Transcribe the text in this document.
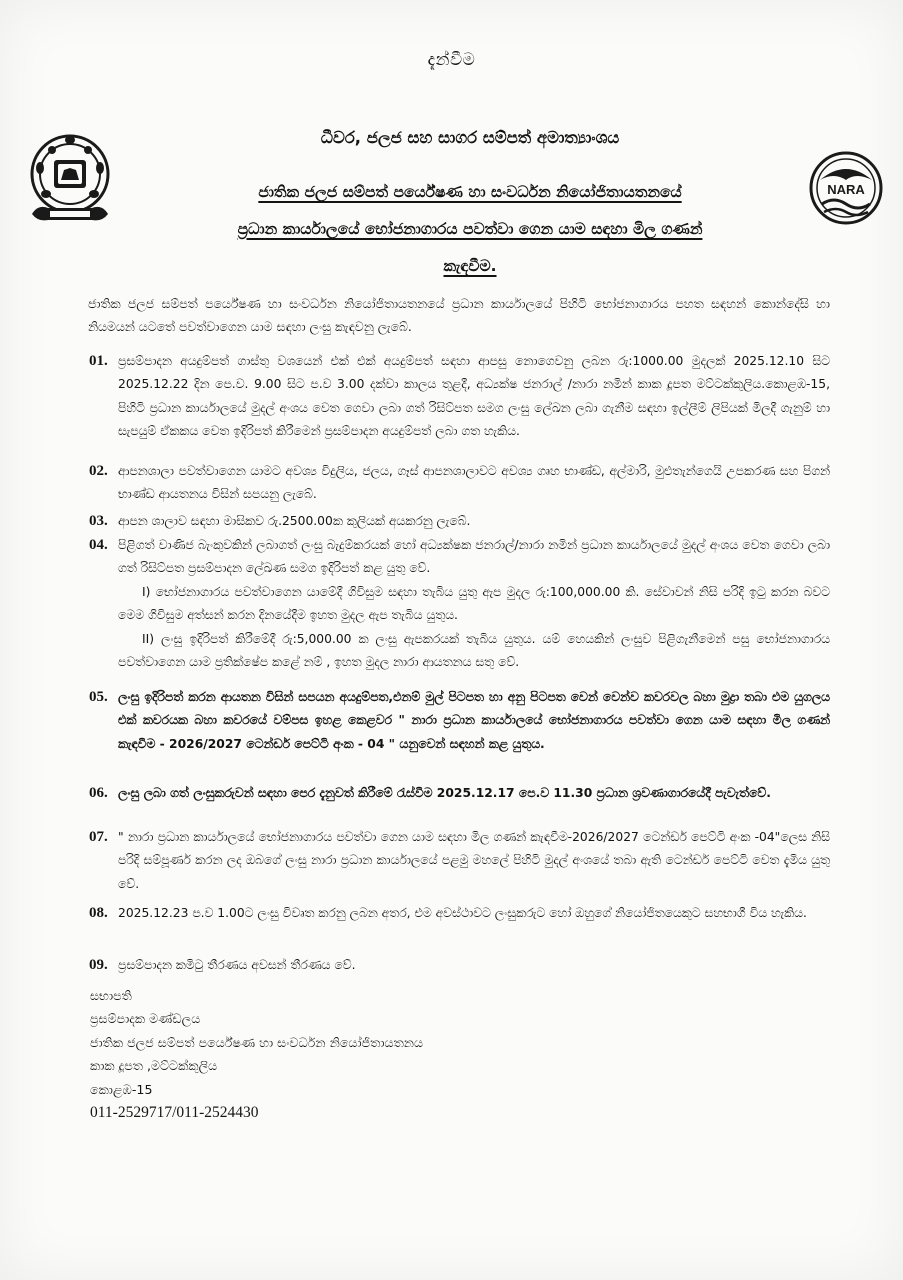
දැන්වීම
NARA
ධීවර, ජලජ සහ සාගර සම්පත් අමාත්‍යාංශය
ජාතික ජලජ සම්පත් පර්යේෂණ හා සංවර්ධන නියෝජිතායතනයේ
ප්‍රධාන කාර්යාලයේ භෝජනාගාරය පවත්වා ගෙන යාම සඳහා මිල ගණන්
කැඳවීම.
ජාතික ජලජ සම්පත් පර්යේෂණ හා සංවර්ධන නියෝජිතායතනයේ ප්‍රධාන කාර්යාලයේ පිහිටි භෝජනාගාරය පහත සඳහන් කොන්දේසි හා නියමයන් යටතේ පවත්වාගෙන යාම සඳහා ලංසු කැඳවනු ලැබේ.
01. ප්‍රසම්පාදන අයදුම්පත් ගාස්තු වශයෙන් එක් එක් අයදුම්පත් සඳහා ආපසු නොගෙවනු ලබන රු:1000.00 මුදලක් 2025.12.10 සිට 2025.12.22 දින පෙ.ව. 9.00 සිට ප.ව 3.00 දක්වා කාලය තුළදී, අධ්‍යක්ෂ ජනරාල් /නාරා නමින් කාක දූපත මට්ටක්කුලිය.කොළඹ-15, පිහිටි ප්‍රධාන කාර්යාලයේ මුදල් අංශය වෙත ගෙවා ලබා ගත් රිසිට්පත සමග ලංසු ලේඛන ලබා ගැනීම සඳහා ඉල්ලීම් ලිපියක් මිලදී ගැනුම් හා සැපයුම් ඒකකය වෙත ඉදිරිපත් කිරීමෙන් ප්‍රසම්පාදන අයදුම්පත් ලබා ගත හැකිය.
02. ආපනශාලා පවත්වාගෙන යාමට අවශ්‍ය විදුලිය, ජලය, ගෑස් ආපනශාලාවට අවශ්‍ය ගෘහ භාණ්ඩ, අල්මාරි, මුළුතැන්ගෙයි උපකරණ සහ පිගන් භාණ්ඩ ආයතනය විසින් සපයනු ලැබේ.
03. ආපන ශාලාව සඳහා මාසිකව රු.2500.00ක කුලියක් අයකරනු ලැබේ.
04. පිළිගත් වාණිජ බැංකුවකින් ලබාගත් ලංසු බැදුම්කරයක් හෝ අධ්‍යක්ෂක ජනරාල්/නාරා නමින් ප්‍රධාන කාර්යාලයේ මුදල් අංශය වෙත ගෙවා ලබා ගත් රිසිට්පත ප්‍රසම්පාදන ලේඛණ සමග ඉදිරිපත් කළ යුතු වේ.
I) භෝජනාගාරය පවත්වාගෙන යාමේදී ගිවිසුම සඳහා තැබිය යුතු ඇප මුදල රු:100,000.00 කි. සේවාවන් නිසි පරිදි ඉටු කරන බවට මෙම ගිවිසුම අත්සන් කරන දිනයේදීම ඉහත මුදල ඇප තැබිය යුතුය.
II) ලංසු ඉදිරිපත් කිරීමේදී රු:5,000.00 ක ලංසු ඇපකරයක් තැබිය යුතුය. යම් හෙයකින් ලංසුව පිළිගැනීමෙන් පසු භෝජනාගාරය පවත්වාගෙන යාම ප්‍රතික්ෂේප කළේ නම් , ඉහත මුදල නාරා ආයතනය සතු වේ.
05. ලංසු ඉදිරිපත් කරන ආයතන විසින් සපයන අයදුම්පත,එනම් මුල් පිටපත හා අනු පිටපත වෙන් වෙන්ව කවරවල බහා මුද්‍රා තබා එම යුගලය එක් කවරයක බහා කවරයේ වම්පස ඉහළ කෙළවර " නාරා ප්‍රධාන කාර්යාලයේ භෝජනාගාරය පවත්වා ගෙන යාම සඳහා මිල ගණන් කැඳවීම - 2026/2027 ටෙන්ඩර් පෙට්ටි අංක - 04 " යනුවෙන් සඳහන් කළ යුතුය.
06. ලංසු ලබා ගත් ලංසුකරුවන් සඳහා පෙර දැනුවත් කිරීමේ රැස්වීම 2025.12.17 පෙ.ව 11.30 ප්‍රධාන ශ්‍රවණාගාරයේදී පැවැත්වේ.
07. " නාරා ප්‍රධාන කාර්යාලයේ භෝජනාගාරය පවත්වා ගෙන යාම සඳහා මිල ගණන් කැඳවීම-2026/2027 ටෙන්ඩර් පෙට්ටි අංක -04"ලෙස නිසි පරිදි සම්පූර්ණ කරන ලද ඔබගේ ලංසු නාරා ප්‍රධාන කාර්යාලයේ පළමු මහලේ පිහිටි මුදල් අංශයේ තබා ඇති ටෙන්ඩර් පෙට්ටි වෙත දැමිය යුතු වේ.
08. 2025.12.23 ප.ව 1.00ට ලංසු විවෘත කරනු ලබන අතර, එම අවස්ථාවට ලංසුකරුට හෝ ඔහුගේ නියෝජිතයෙකුට සහභාගී විය හැකිය.
09. ප්‍රසම්පාදන කමිටු තීරණය අවසන් තීරණය වේ.
සභාපති
ප්‍රසම්පාදක මණ්ඩලය
ජාතික ජලජ සම්පත් පර්යේෂණ හා සංවර්ධන නියෝජිතායතනය
කාක දූපත ,මට්ටක්කුලිය
කොළඹ-15
011-2529717/011-2524430
